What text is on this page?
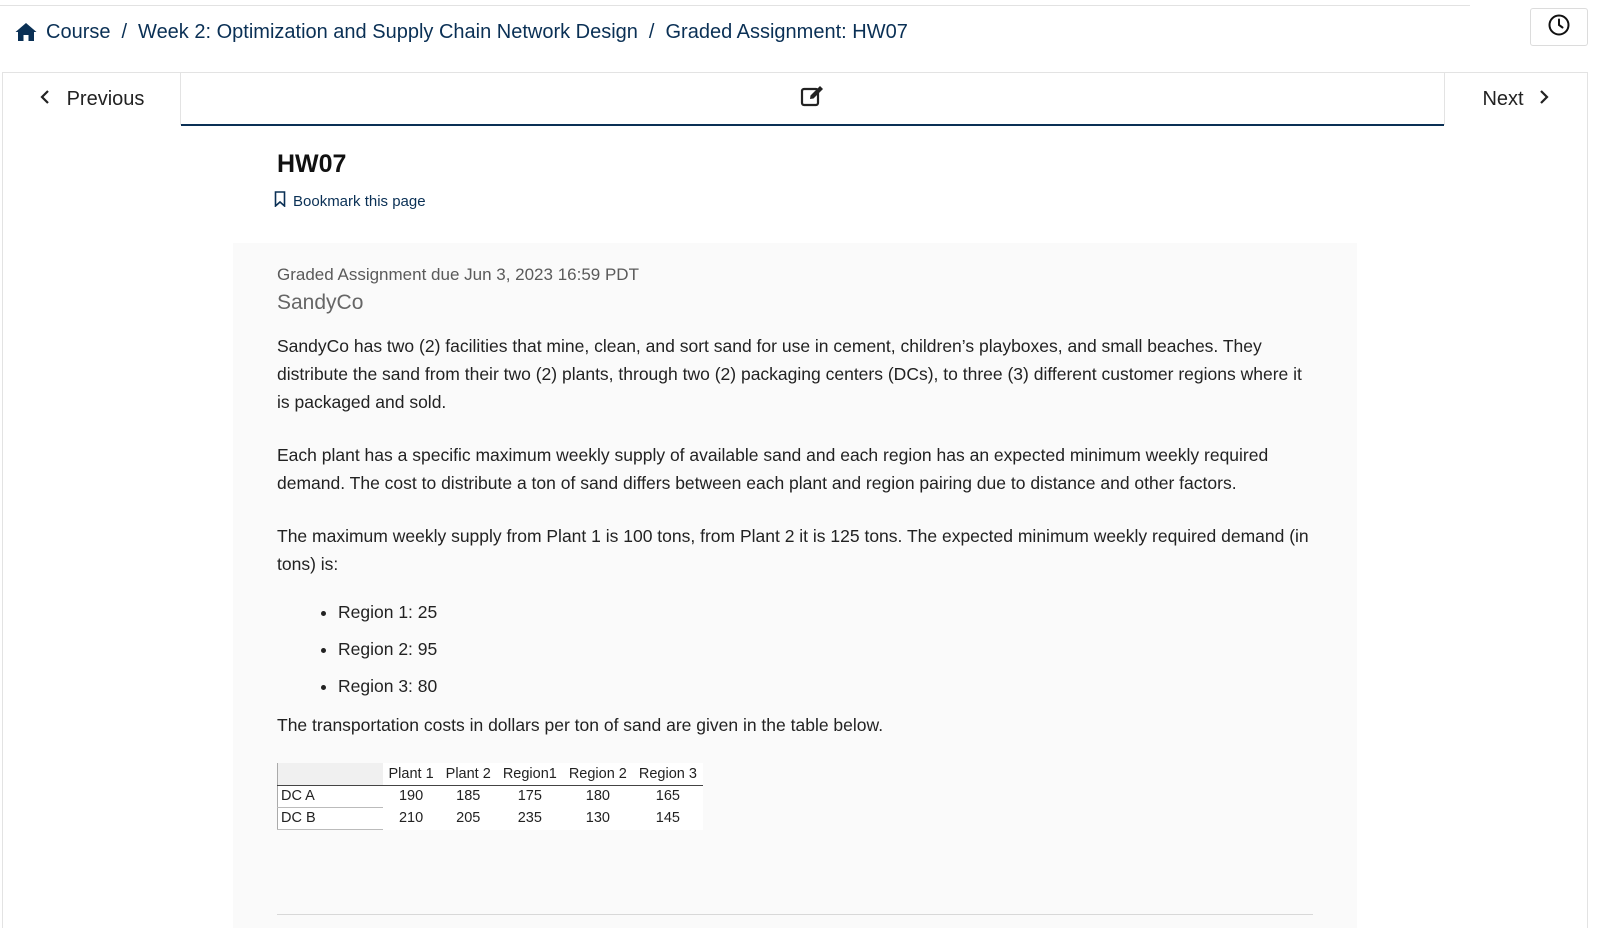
Course / Week 2: Optimization and Supply Chain Network Design / Graded Assignment: HW07
Previous	Next
HW07
Bookmark this page

Graded Assignment due Jun 3, 2023 16:59 PDT

SandyCo

SandyCo has two (2) facilities that mine, clean, and sort sand for use in cement, children’s playboxes, and small beaches. They distribute the sand from their two (2) plants, through two (2) packaging centers (DCs), to three (3) different customer regions where it is packaged and sold.

Each plant has a specific maximum weekly supply of available sand and each region has an expected minimum weekly required demand. The cost to distribute a ton of sand differs between each plant and region pairing due to distance and other factors.

The maximum weekly supply from Plant 1 is 100 tons, from Plant 2 it is 125 tons. The expected minimum weekly required demand (in tons) is:

• Region 1: 25
• Region 2: 95
• Region 3: 80

The transportation costs in dollars per ton of sand are given in the table below.

	Plant 1	Plant 2	Region1	Region 2	Region 3
DC A	190	185	175	180	165
DC B	210	205	235	130	145
